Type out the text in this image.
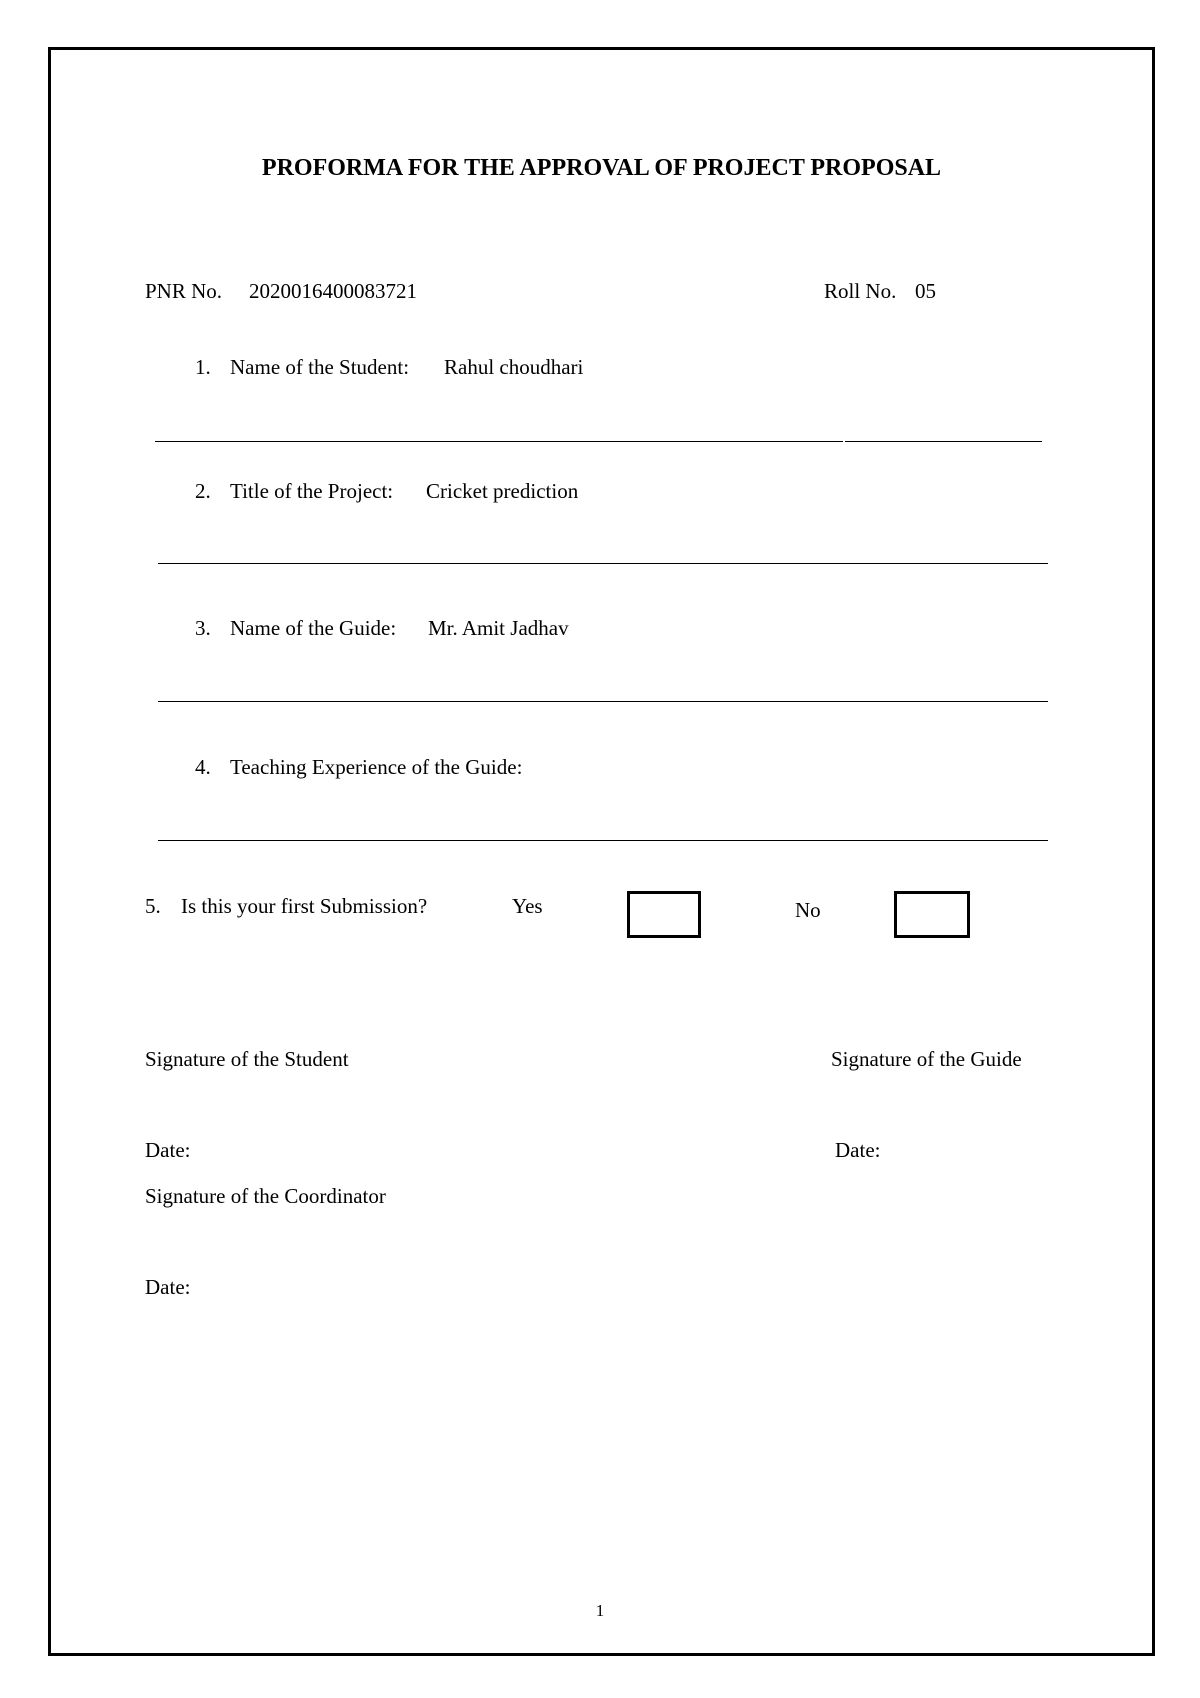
PROFORMA FOR THE APPROVAL OF PROJECT PROPOSAL
PNR No. 2020016400083721	Roll No. 05
1. Name of the Student: Rahul choudhari
2. Title of the Project: Cricket prediction
3. Name of the Guide: Mr. Amit Jadhav
4. Teaching Experience of the Guide:
5. Is this your first Submission?	Yes	No
Signature of the Student	Signature of the Guide
Date:	Date:
Signature of the Coordinator
Date:
1
